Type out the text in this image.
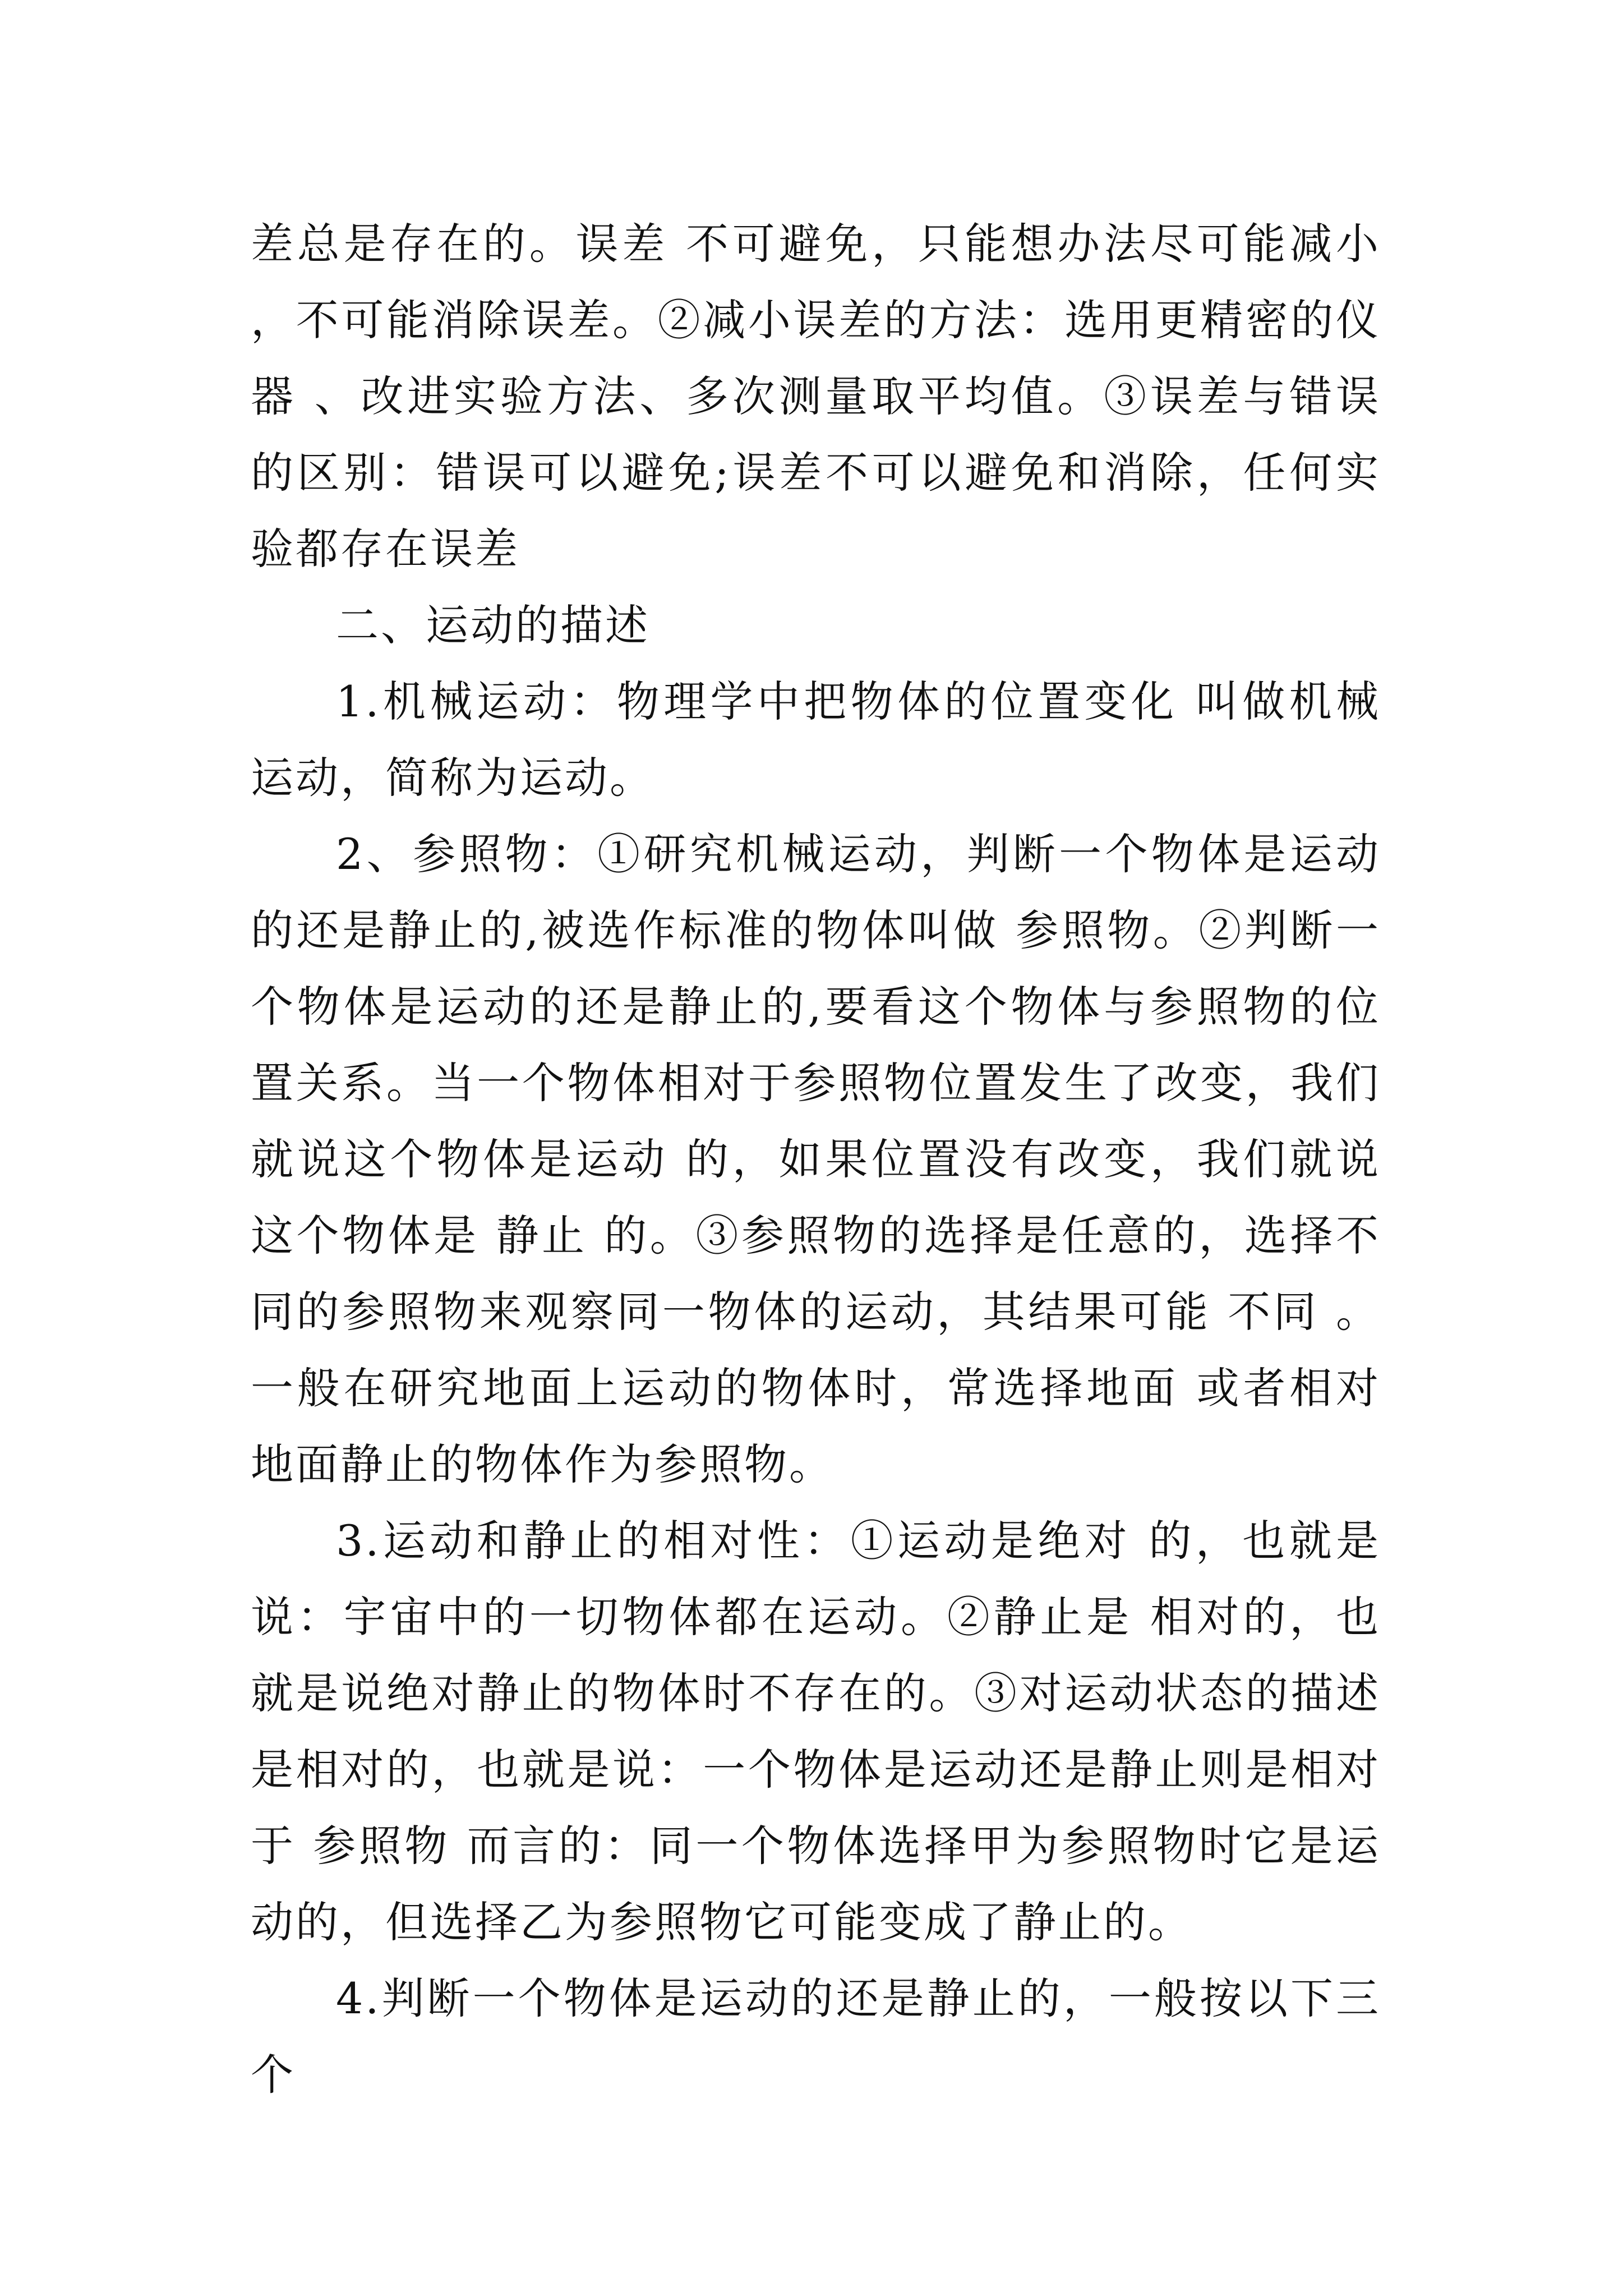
差总是存在的。误差 不可避免，只能想办法尽可能减小，不可能消除误差。②减小误差的方法：选用更精密的仪器 、改进实验方法、多次测量取平均值。③误差与错误的区别：错误可以避免;误差不可以避免和消除，任何实验都存在误差

二、运动的描述

1.机械运动：物理学中把物体的位置变化 叫做机械运动，简称为运动。

2、参照物：①研究机械运动，判断一个物体是运动的还是静止的,被选作标准的物体叫做 参照物。②判断一个物体是运动的还是静止的,要看这个物体与参照物的位置关系。当一个物体相对于参照物位置发生了改变，我们就说这个物体是运动 的，如果位置没有改变，我们就说这个物体是 静止 的。③参照物的选择是任意的，选择不同的参照物来观察同一物体的运动，其结果可能 不同 。一般在研究地面上运动的物体时，常选择地面 或者相对地面静止的物体作为参照物。

3.运动和静止的相对性：①运动是绝对 的，也就是说：宇宙中的一切物体都在运动。②静止是 相对的，也就是说绝对静止的物体时不存在的。③对运动状态的描述是相对的，也就是说：一个物体是运动还是静止则是相对于 参照物 而言的：同一个物体选择甲为参照物时它是运动的，但选择乙为参照物它可能变成了静止的。

4.判断一个物体是运动的还是静止的，一般按以下三个
